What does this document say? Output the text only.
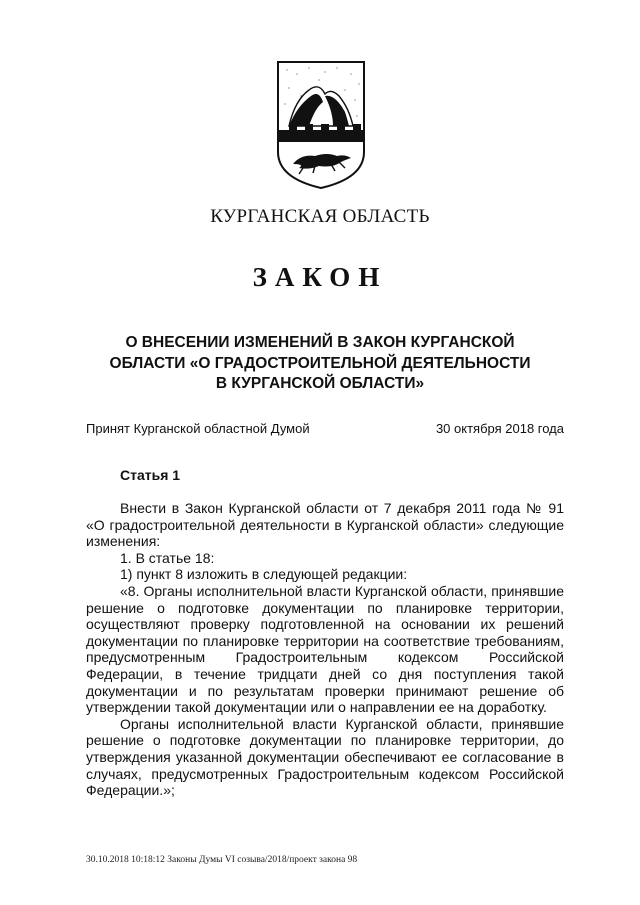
КУРГАНСКАЯ ОБЛАСТЬ
ЗАКОН
О ВНЕСЕНИИ ИЗМЕНЕНИЙ В ЗАКОН КУРГАНСКОЙ
ОБЛАСТИ «О ГРАДОСТРОИТЕЛЬНОЙ ДЕЯТЕЛЬНОСТИ
В КУРГАНСКОЙ ОБЛАСТИ»
Принят Курганской областной Думой	30 октября 2018 года
Статья 1

Внести в Закон Курганской области от 7 декабря 2011 года № 91 «О градостроительной деятельности в Курганской области» следующие изменения:

1. В статье 18:

1) пункт 8 изложить в следующей редакции:

«8. Органы исполнительной власти Курганской области, принявшие решение о подготовке документации по планировке территории, осуществляют проверку подготовленной на основании их решений документации по планировке территории на соответствие требованиям, предусмотренным Градостроительным кодексом Российской Федерации, в течение тридцати дней со дня поступления такой документации и по результатам проверки принимают решение об утверждении такой документации или о направлении ее на доработку.

Органы исполнительной власти Курганской области, принявшие решение о подготовке документации по планировке территории, до утверждения указанной документации обеспечивают ее согласование в случаях, предусмотренных Градостроительным кодексом Российской Федерации.»;

30.10.2018 10:18:12 Законы Думы VI созыва/2018/проект закона 98
